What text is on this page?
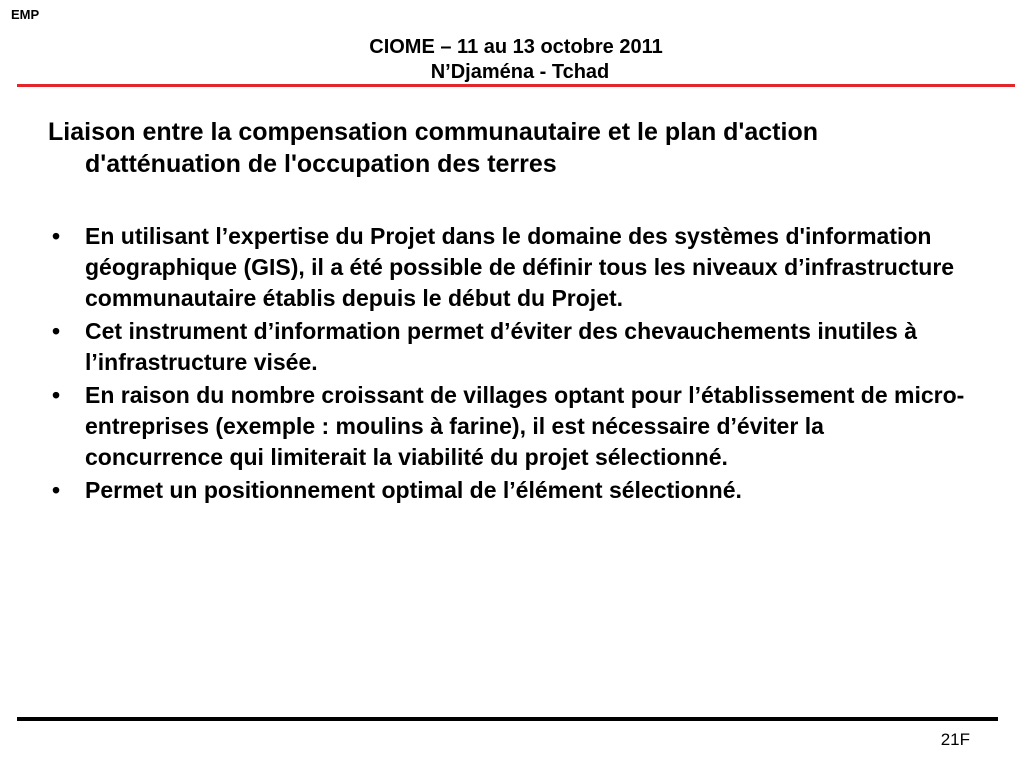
EMP
CIOME – 11 au 13 octobre 2011
N’Djaména - Tchad

Liaison entre la compensation communautaire et le plan d'action d'atténuation de l'occupation des terres

• En utilisant l’expertise du Projet dans le domaine des systèmes d'information géographique (GIS), il a été possible de définir tous les niveaux d’infrastructure communautaire établis depuis le début du Projet.
• Cet instrument d’information permet d’éviter des chevauchements inutiles à l’infrastructure visée.
• En raison du nombre croissant de villages optant pour l’établissement de micro-entreprises (exemple : moulins à farine), il est nécessaire d’éviter la concurrence qui limiterait la viabilité du projet sélectionné.
• Permet un positionnement optimal de l’élément sélectionné.
21F
